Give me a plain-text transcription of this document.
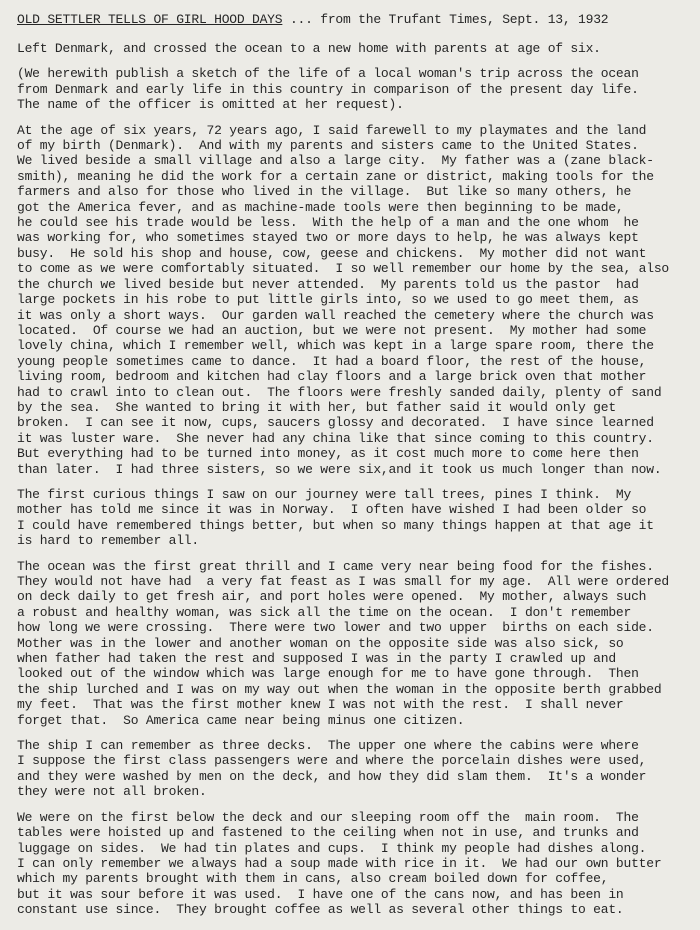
OLD SETTLER TELLS OF GIRL HOOD DAYS ... from the Trufant Times, Sept. 13, 1932
Left Denmark, and crossed the ocean to a new home with parents at age of six.
(We herewith publish a sketch of the life of a local woman's trip across the ocean
from Denmark and early life in this country in comparison of the present day life.
The name of the officer is omitted at her request).
At the age of six years, 72 years ago, I said farewell to my playmates and the land
of my birth (Denmark).  And with my parents and sisters came to the United States.
We lived beside a small village and also a large city.  My father was a (zane black-
smith), meaning he did the work for a certain zane or district, making tools for the
farmers and also for those who lived in the village.  But like so many others, he
got the America fever, and as machine-made tools were then beginning to be made,
he could see his trade would be less.  With the help of a man and the one whom  he
was working for, who sometimes stayed two or more days to help, he was always kept
busy.  He sold his shop and house, cow, geese and chickens.  My mother did not want
to come as we were comfortably situated.  I so well remember our home by the sea, also
the church we lived beside but never attended.  My parents told us the pastor  had
large pockets in his robe to put little girls into, so we used to go meet them, as
it was only a short ways.  Our garden wall reached the cemetery where the church was
located.  Of course we had an auction, but we were not present.  My mother had some
lovely china, which I remember well, which was kept in a large spare room, there the
young people sometimes came to dance.  It had a board floor, the rest of the house,
living room, bedroom and kitchen had clay floors and a large brick oven that mother
had to crawl into to clean out.  The floors were freshly sanded daily, plenty of sand
by the sea.  She wanted to bring it with her, but father said it would only get
broken.  I can see it now, cups, saucers glossy and decorated.  I have since learned
it was luster ware.  She never had any china like that since coming to this country.
But everything had to be turned into money, as it cost much more to come here then
than later.  I had three sisters, so we were six,and it took us much longer than now.
The first curious things I saw on our journey were tall trees, pines I think.  My
mother has told me since it was in Norway.  I often have wished I had been older so
I could have remembered things better, but when so many things happen at that age it
is hard to remember all.
The ocean was the first great thrill and I came very near being food for the fishes.
They would not have had  a very fat feast as I was small for my age.  All were ordered
on deck daily to get fresh air, and port holes were opened.  My mother, always such
a robust and healthy woman, was sick all the time on the ocean.  I don't remember
how long we were crossing.  There were two lower and two upper  births on each side.
Mother was in the lower and another woman on the opposite side was also sick, so
when father had taken the rest and supposed I was in the party I crawled up and
looked out of the window which was large enough for me to have gone through.  Then
the ship lurched and I was on my way out when the woman in the opposite berth grabbed
my feet.  That was the first mother knew I was not with the rest.  I shall never
forget that.  So America came near being minus one citizen.
The ship I can remember as three decks.  The upper one where the cabins were where
I suppose the first class passengers were and where the porcelain dishes were used,
and they were washed by men on the deck, and how they did slam them.  It's a wonder
they were not all broken.
We were on the first below the deck and our sleeping room off the  main room.  The
tables were hoisted up and fastened to the ceiling when not in use, and trunks and
luggage on sides.  We had tin plates and cups.  I think my people had dishes along.
I can only remember we always had a soup made with rice in it.  We had our own butter
which my parents brought with them in cans, also cream boiled down for coffee,
but it was sour before it was used.  I have one of the cans now, and has been in
constant use since.  They brought coffee as well as several other things to eat.
